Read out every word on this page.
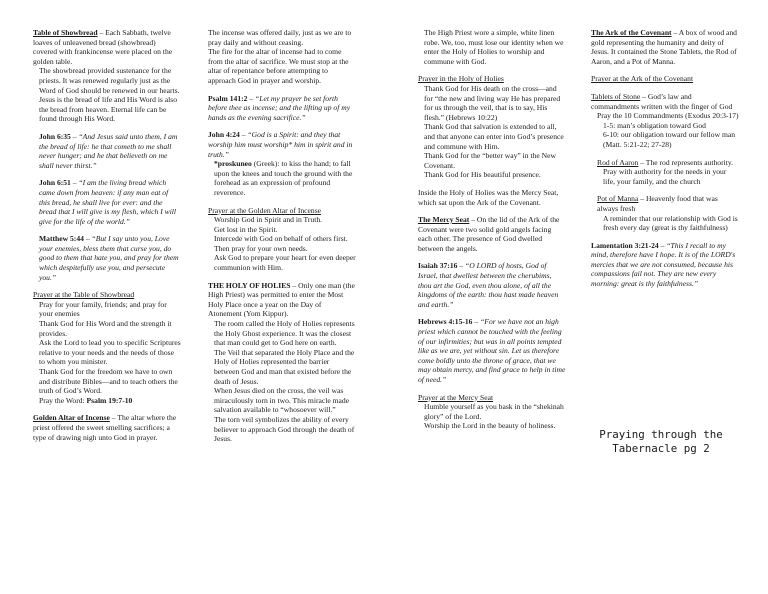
Table of Showbread – Each Sabbath, twelve loaves of unleavened bread (showbread) covered with frankincense were placed on the golden table.

The showbread provided sustenance for the priests. It was renewed regularly just as the Word of God should be renewed in our hearts.

Jesus is the bread of life and His Word is also the bread from heaven. Eternal life can be found through His Word.

John 6:35 – “And Jesus said unto them, I am the bread of life: he that cometh to me shall never hunger; and he that believeth on me shall never thirst.”

John 6:51 – “I am the living bread which came down from heaven: if any man eat of this bread, he shall live for ever: and the bread that I will give is my flesh, which I will give for the life of the world.”

Matthew 5:44 – “But I say unto you, Love your enemies, bless them that curse you, do good to them that hate you, and pray for them which despitefully use you, and persecute you.”

Prayer at the Table of Showbread

Pray for your family, friends; and pray for your enemies

Thank God for His Word and the strength it provides.

Ask the Lord to lead you to specific Scriptures relative to your needs and the needs of those to whom you minister.

Thank God for the freedom we have to own and distribute Bibles—and to teach others the truth of God’s Word.

Pray the Word: Psalm 19:7-10

Golden Altar of Incense – The altar where the priest offered the sweet smelling sacrifices; a type of drawing nigh unto God in prayer.

The incense was offered daily, just as we are to pray daily and without ceasing.

The fire for the altar of incense had to come from the altar of sacrifice. We must stop at the altar of repentance before attempting to approach God in prayer and worship.

Psalm 141:2 – “Let my prayer be set forth before thee as incense; and the lifting up of my hands as the evening sacrifice.”

John 4:24 – “God is a Spirit: and they that worship him must worship* him in spirit and in truth.”

*proskuneo (Greek): to kiss the hand; to fall upon the knees and touch the ground with the forehead as an expression of profound reverence.

Prayer at the Golden Altar of Incense

Worship God in Spirit and in Truth.

Get lost in the Spirit.

Intercede with God on behalf of others first. Then pray for your own needs.

Ask God to prepare your heart for even deeper communion with Him.

THE HOLY OF HOLIES – Only one man (the High Priest) was permitted to enter the Most Holy Place once a year on the Day of Atonement (Yom Kippur).

The room called the Holy of Holies represents the Holy Ghost experience. It was the closest that man could get to God here on earth.

The Veil that separated the Holy Place and the Holy of Holies represented the barrier between God and man that existed before the death of Jesus.

When Jesus died on the cross, the veil was miraculously torn in two. This miracle made salvation available to “whosoever will.”

The torn veil symbolizes the ability of every believer to approach God through the death of Jesus.

The High Priest wore a simple, white linen robe. We, too, must lose our identity when we enter the Holy of Holies to worship and commune with God.

Prayer in the Holy of Holies

Thank God for His death on the cross—and for “the new and living way He has prepared for us through the veil, that is to say, His flesh.” (Hebrews 10:22)

Thank God that salvation is extended to all, and that anyone can enter into God’s presence and commune with Him.

Thank God for the “better way” in the New Covenant.

Thank God for His beautiful presence.

Inside the Holy of Holies was the Mercy Seat, which sat upon the Ark of the Covenant.

The Mercy Seat – On the lid of the Ark of the Covenant were two solid gold angels facing each other. The presence of God dwelled between the angels.

Isaiah 37:16 – “O LORD of hosts, God of Israel, that dwellest between the cherubims, thou art the God, even thou alone, of all the kingdoms of the earth: thou hast made heaven and earth.”

Hebrews 4:15-16 – “For we have not an high priest which cannot be touched with the feeling of our infirmities; but was in all points tempted like as we are, yet without sin. Let us therefore come boldly unto the throne of grace, that we may obtain mercy, and find grace to help in time of need.”

Prayer at the Mercy Seat

Humble yourself as you bask in the “shekinah glory” of the Lord.

Worship the Lord in the beauty of holiness.

The Ark of the Covenant – A box of wood and gold representing the humanity and deity of Jesus. It contained the Stone Tablets, the Rod of Aaron, and a Pot of Manna.

Prayer at the Ark of the Covenant

Tablets of Stone – God’s law and commandments written with the finger of God

Pray the 10 Commandments (Exodus 20:3-17)

1-5: man’s obligation toward God

6-10: our obligation toward our fellow man (Matt. 5:21-22; 27-28)

Rod of Aaron – The rod represents authority.

Pray with authority for the needs in your life, your family, and the church

Pot of Manna – Heavenly food that was always fresh

A reminder that our relationship with God is fresh every day (great is thy faithfulness)

Lamentation 3:21-24 – “This I recall to my mind, therefore have I hope. It is of the LORD's mercies that we are not consumed, because his compassions fail not. They are new every morning: great is thy faithfulness.”

Praying through the
Tabernacle pg 2
